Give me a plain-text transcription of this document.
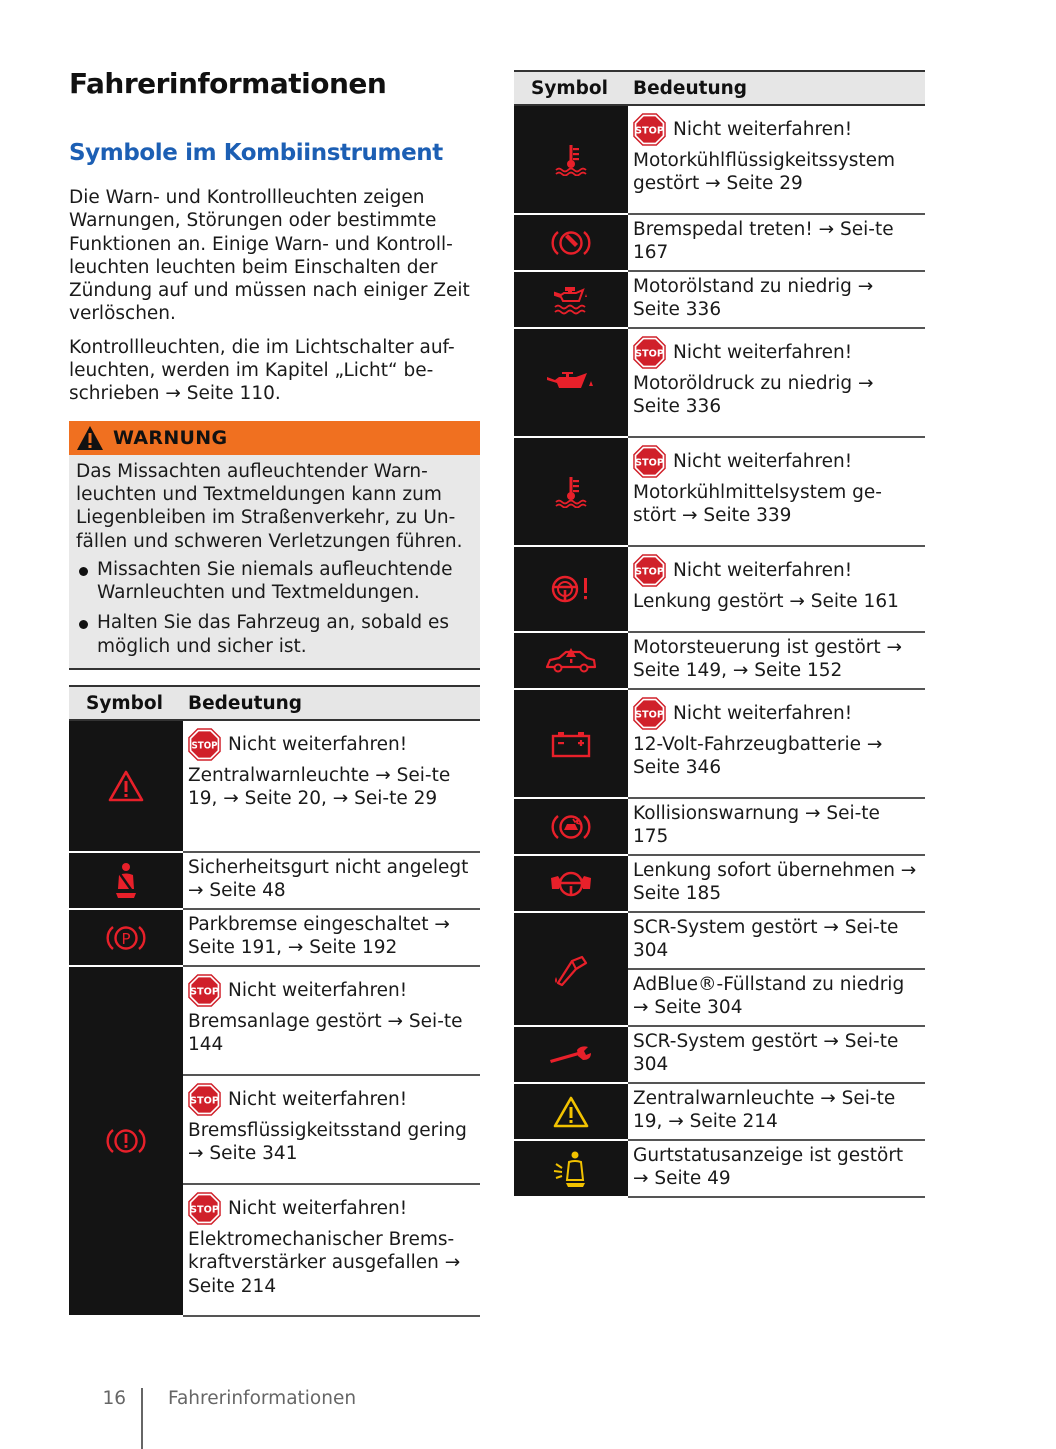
Fahrerinformationen
Symbole im Kombiinstrument

Die Warn- und Kontrollleuchten zeigen Warnungen, Störungen oder bestimmte Funktionen an. Einige Warn- und Kontroll-leuchten leuchten beim Einschalten der Zündung auf und müssen nach einiger Zeit verlöschen.

Kontrollleuchten, die im Lichtschalter auf-leuchten, werden im Kapitel „Licht“ be-schrieben → Seite 110.

WARNUNG

Das Missachten aufleuchtender Warn-leuchten und Textmeldungen kann zum Liegenbleiben im Straßenverkehr, zu Un-fällen und schweren Verletzungen führen.

Missachten Sie niemals aufleuchtende Warnleuchten und Textmeldungen.
Halten Sie das Fahrzeug an, sobald es möglich und sicher ist.
Symbol	Bedeutung

STOP Nicht weiterfahren!
Zentralwarnleuchte → Sei-te 19, → Seite 20, → Sei-te 29

Sicherheitsgurt nicht angelegt → Seite 48

P	Parkbremse eingeschaltet → Seite 191, → Seite 192

STOP Nicht weiterfahren!
Bremsanlage gestört → Sei-te 144

STOP Nicht weiterfahren!
Bremsflüssigkeitsstand gering → Seite 341

STOP Nicht weiterfahren!
Elektromechanischer Brems-kraftverstärker ausgefallen → Seite 214
Symbol	Bedeutung

STOP Nicht weiterfahren!
Motorkühlflüssigkeitssystem gestört → Seite 29

Bremspedal treten! → Sei-te 167

Motorölstand zu niedrig → Seite 336

STOP Nicht weiterfahren!
Motoröldruck zu niedrig → Seite 336

STOP Nicht weiterfahren!
Motorkühlmittelsystem ge-stört → Seite 339

STOP Nicht weiterfahren!
Lenkung gestört → Seite 161

Motorsteuerung ist gestört → Seite 149, → Seite 152

STOP Nicht weiterfahren!
12-Volt-Fahrzeugbatterie → Seite 346

Kollisionswarnung → Sei-te 175

Lenkung sofort übernehmen → Seite 185

SCR-System gestört → Sei-te 304

	AdBlue®-Füllstand zu niedrig → Seite 304

SCR-System gestört → Sei-te 304

Zentralwarnleuchte → Sei-te 19, → Seite 214

Gurtstatusanzeige ist gestört → Seite 49
16 Fahrerinformationen
